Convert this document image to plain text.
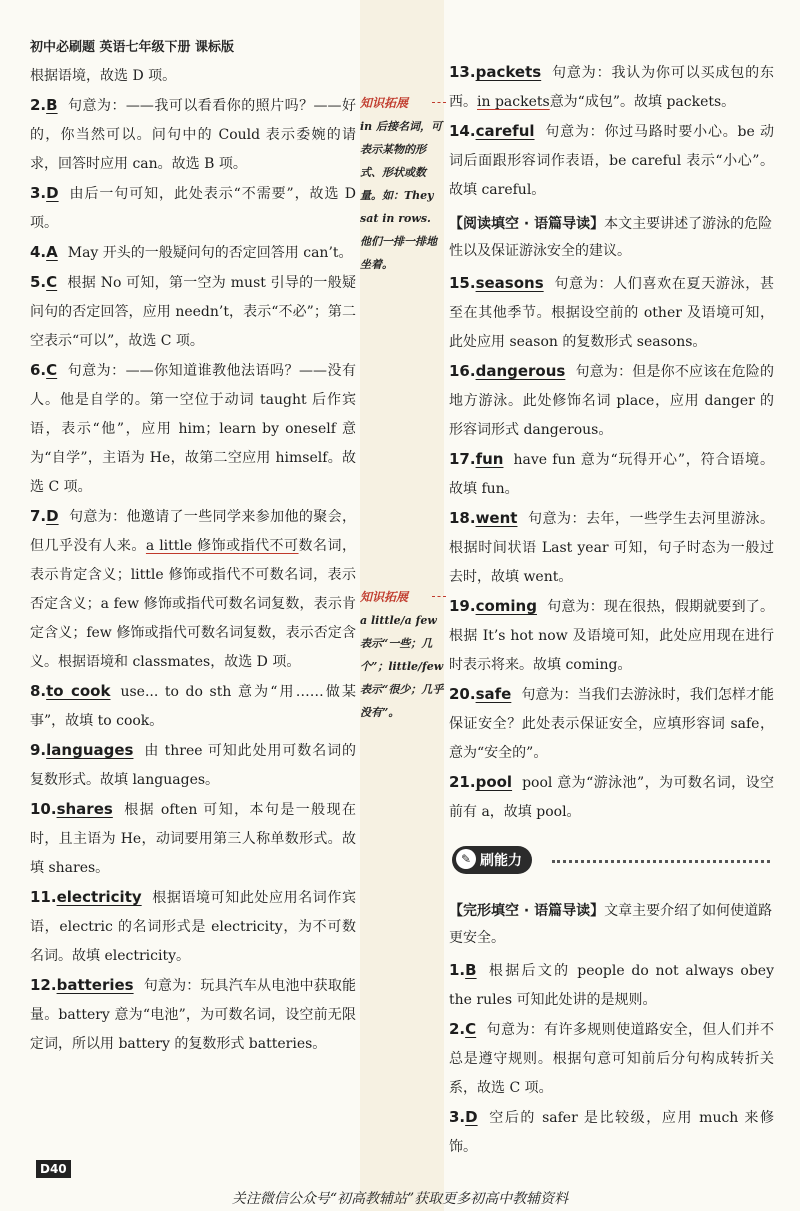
初中必刷题 英语七年级下册 课标版

根据语境，故选 D 项。

2.B 句意为：——我可以看看你的照片吗？——好的，你当然可以。问句中的 Could 表示委婉的请求，回答时应用 can。故选 B 项。

3.D 由后一句可知，此处表示“不需要”，故选 D 项。

4.A May 开头的一般疑问句的否定回答用 can’t。

5.C 根据 No 可知，第一空为 must 引导的一般疑问句的否定回答，应用 needn’t，表示“不必”；第二空表示“可以”，故选 C 项。

6.C 句意为：——你知道谁教他法语吗？——没有人。他是自学的。第一空位于动词 taught 后作宾语，表示“他”，应用 him；learn by oneself 意为“自学”，主语为 He，故第二空应用 himself。故选 C 项。

7.D 句意为：他邀请了一些同学来参加他的聚会，但几乎没有人来。a little 修饰或指代不可数名词，表示肯定含义；little 修饰或指代不可数名词，表示否定含义；a few 修饰或指代可数名词复数，表示肯定含义；few 修饰或指代可数名词复数，表示否定含义。根据语境和 classmates，故选 D 项。

8.to cook use... to do sth 意为“用……做某事”，故填 to cook。

9.languages 由 three 可知此处用可数名词的复数形式。故填 languages。

10.shares 根据 often 可知，本句是一般现在时，且主语为 He，动词要用第三人称单数形式。故填 shares。

11.electricity 根据语境可知此处应用名词作宾语，electric 的名词形式是 electricity，为不可数名词。故填 electricity。

12.batteries 句意为：玩具汽车从电池中获取能量。battery 意为“电池”，为可数名词，设空前无限定词，所以用 battery 的复数形式 batteries。

知识拓展
in 后接名词，可表示某物的形式、形状或数量。如：They sat in rows. 他们一排一排地坐着。
知识拓展
a little/a few 表示“一些；几个”；little/few 表示“很少；几乎没有”。

13.packets 句意为：我认为你可以买成包的东西。in packets意为“成包”。故填 packets。

14.careful 句意为：你过马路时要小心。be 动词后面跟形容词作表语，be careful 表示“小心”。故填 careful。

【阅读填空 · 语篇导读】本文主要讲述了游泳的危险性以及保证游泳安全的建议。

15.seasons 句意为：人们喜欢在夏天游泳，甚至在其他季节。根据设空前的 other 及语境可知，此处应用 season 的复数形式 seasons。

16.dangerous 句意为：但是你不应该在危险的地方游泳。此处修饰名词 place，应用 danger 的形容词形式 dangerous。

17.fun have fun 意为“玩得开心”，符合语境。故填 fun。

18.went 句意为：去年，一些学生去河里游泳。根据时间状语 Last year 可知，句子时态为一般过去时，故填 went。

19.coming 句意为：现在很热，假期就要到了。根据 It’s hot now 及语境可知，此处应用现在进行时表示将来。故填 coming。

20.safe 句意为：当我们去游泳时，我们怎样才能保证安全？此处表示保证安全，应填形容词 safe，意为“安全的”。

21.pool pool 意为“游泳池”，为可数名词，设空前有 a，故填 pool。

✎ 刷能力

【完形填空 · 语篇导读】文章主要介绍了如何使道路更安全。

1.B 根据后文的 people do not always obey the rules 可知此处讲的是规则。

2.C 句意为：有许多规则使道路安全，但人们并不总是遵守规则。根据句意可知前后分句构成转折关系，故选 C 项。

3.D 空后的 safer 是比较级，应用 much 来修饰。

D40
关注微信公众号“初高教辅站”获取更多初高中教辅资料
